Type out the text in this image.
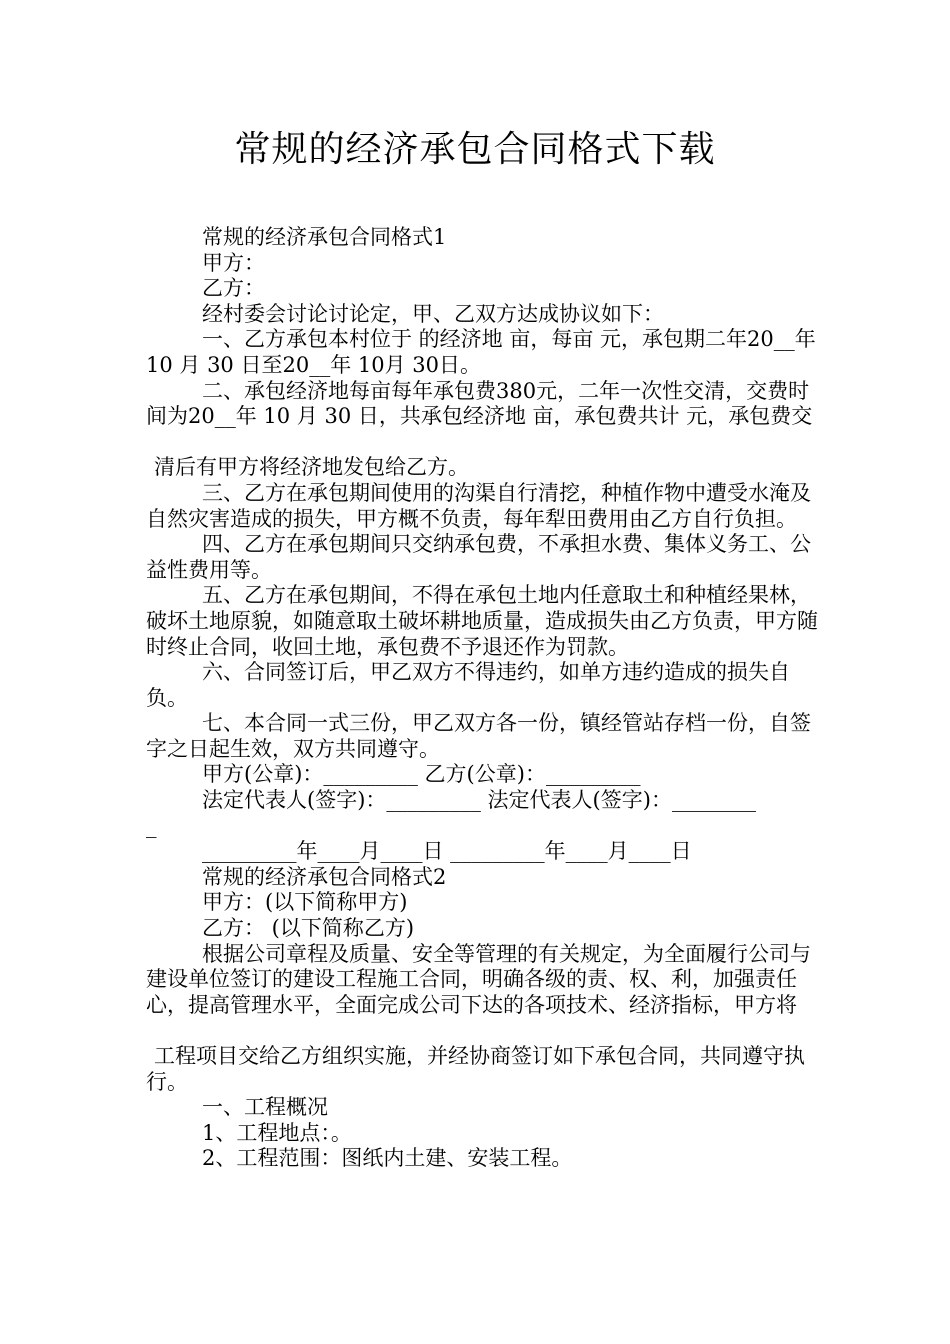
常规的经济承包合同格式下载

常规的经济承包合同格式1

甲方：

乙方：

经村委会讨论讨论定，甲、乙双方达成协议如下：

一、乙方承包本村位于 的经济地 亩，每亩 元，承包期二年20__年 10 月 30 日至20__年 10月 30日。

二、承包经济地每亩每年承包费380元，二年一次性交清，交费时间为20__年 10 月 30 日，共承包经济地 亩，承包费共计 元，承包费交

清后有甲方将经济地发包给乙方。

三、乙方在承包期间使用的沟渠自行清挖，种植作物中遭受水淹及自然灾害造成的损失，甲方概不负责，每年犁田费用由乙方自行负担。

四、乙方在承包期间只交纳承包费，不承担水费、集体义务工、公益性费用等。

五、乙方在承包期间，不得在承包土地内任意取土和种植经果林，破坏土地原貌，如随意取土破坏耕地质量，造成损失由乙方负责，甲方随时终止合同，收回土地，承包费不予退还作为罚款。

六、合同签订后，甲乙双方不得违约，如单方违约造成的损失自负。

七、本合同一式三份，甲乙双方各一份，镇经管站存档一份，自签字之日起生效，双方共同遵守。

甲方(公章)：_________ 乙方(公章)：_________

法定代表人(签字)：_________ 法定代表人(签字)：________

_

_________年____月____日 _________年____月____日

常规的经济承包合同格式2

甲方：(以下简称甲方)

乙方： (以下简称乙方)

根据公司章程及质量、安全等管理的有关规定，为全面履行公司与建设单位签订的建设工程施工合同，明确各级的责、权、利，加强责任心，提高管理水平，全面完成公司下达的各项技术、经济指标，甲方将

工程项目交给乙方组织实施，并经协商签订如下承包合同，共同遵守执行。

一、工程概况

1、工程地点：。

2、工程范围：图纸内土建、安装工程。
